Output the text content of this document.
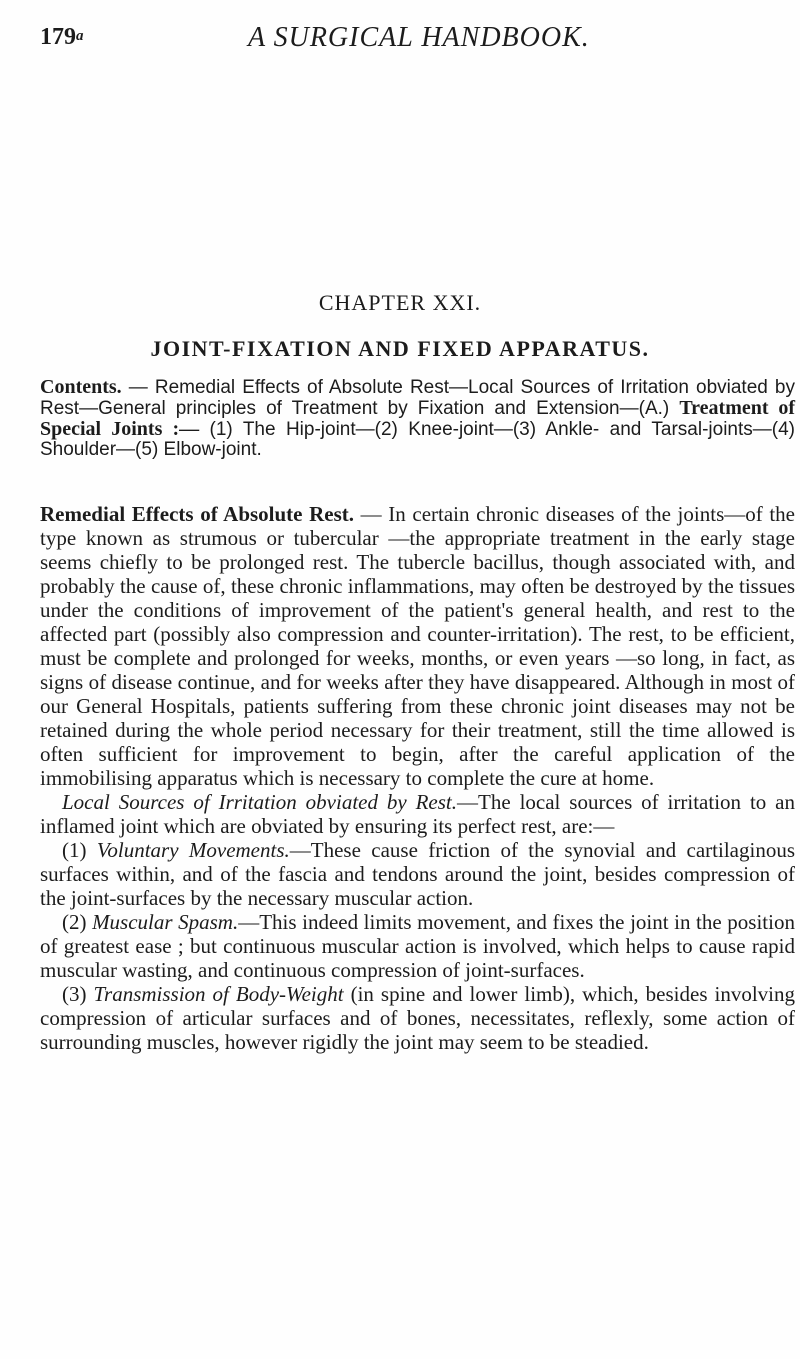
179$^a$	A SURGICAL HANDBOOK.
CHAPTER XXI.
JOINT-FIXATION AND FIXED APPARATUS.
Contents. — Remedial Effects of Absolute Rest—Local Sources of Irritation obviated by Rest—General principles of Treatment by Fixation and Extension—(A.) Treatment of Special Joints :— (1) The Hip-joint—(2) Knee-joint—(3) Ankle- and Tarsal-joints—(4) Shoulder—(5) Elbow-joint.

Remedial Effects of Absolute Rest. — In certain chronic diseases of the joints—of the type known as strumous or tubercular —the appropriate treatment in the early stage seems chiefly to be prolonged rest. The tubercle bacillus, though associated with, and probably the cause of, these chronic inflammations, may often be destroyed by the tissues under the conditions of improvement of the patient's general health, and rest to the affected part (possibly also compression and counter-irritation). The rest, to be efficient, must be complete and prolonged for weeks, months, or even years —so long, in fact, as signs of disease continue, and for weeks after they have disappeared. Although in most of our General Hospitals, patients suffering from these chronic joint diseases may not be retained during the whole period necessary for their treatment, still the time allowed is often sufficient for improvement to begin, after the careful application of the immobilising apparatus which is necessary to complete the cure at home.

Local Sources of Irritation obviated by Rest.—The local sources of irritation to an inflamed joint which are obviated by ensuring its perfect rest, are:—

(1) Voluntary Movements.—These cause friction of the synovial and cartilaginous surfaces within, and of the fascia and tendons around the joint, besides compression of the joint-surfaces by the necessary muscular action.

(2) Muscular Spasm.—This indeed limits movement, and fixes the joint in the position of greatest ease ; but continuous muscular action is involved, which helps to cause rapid muscular wasting, and continuous compression of joint-surfaces.

(3) Transmission of Body-Weight (in spine and lower limb), which, besides involving compression of articular surfaces and of bones, necessitates, reflexly, some action of surrounding muscles, however rigidly the joint may seem to be steadied.
